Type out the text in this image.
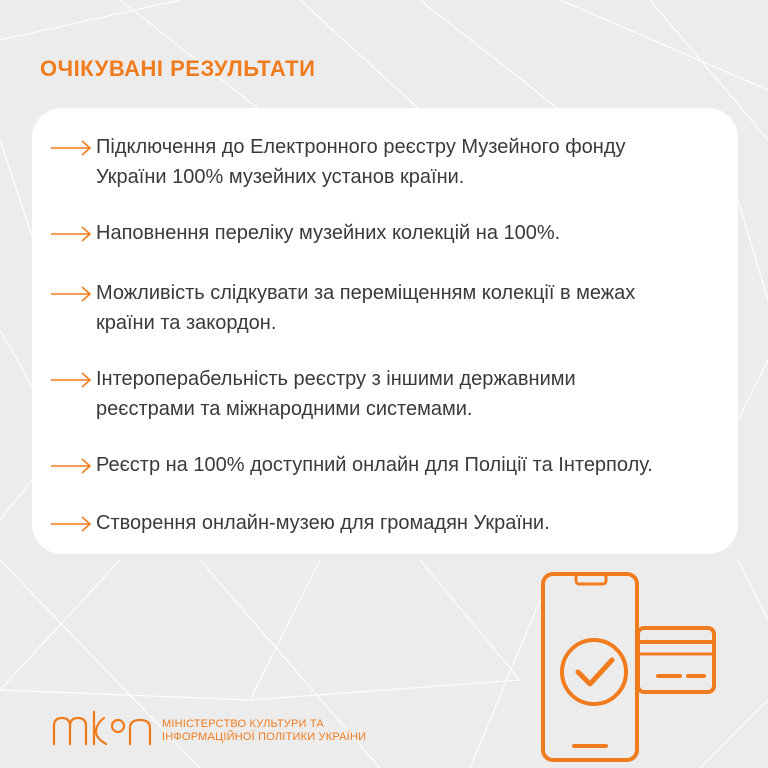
ОЧІКУВАНІ РЕЗУЛЬТАТИ
Підключення до Електронного реєстру Музейного фонду
України 100% музейних установ країни.
Наповнення переліку музейних колекцій на 100%.
Можливість слідкувати за переміщенням колекції в межах
країни та закордон.
Інтероперабельність реєстру з іншими державними
реєстрами та міжнародними системами.
Реєстр на 100% доступний онлайн для Поліції та Інтерполу.
Створення онлайн-музею для громадян України.
МІНІСТЕРСТВО КУЛЬТУРИ ТА
ІНФОРМАЦІЙНОЇ ПОЛІТИКИ УКРАЇНИ
